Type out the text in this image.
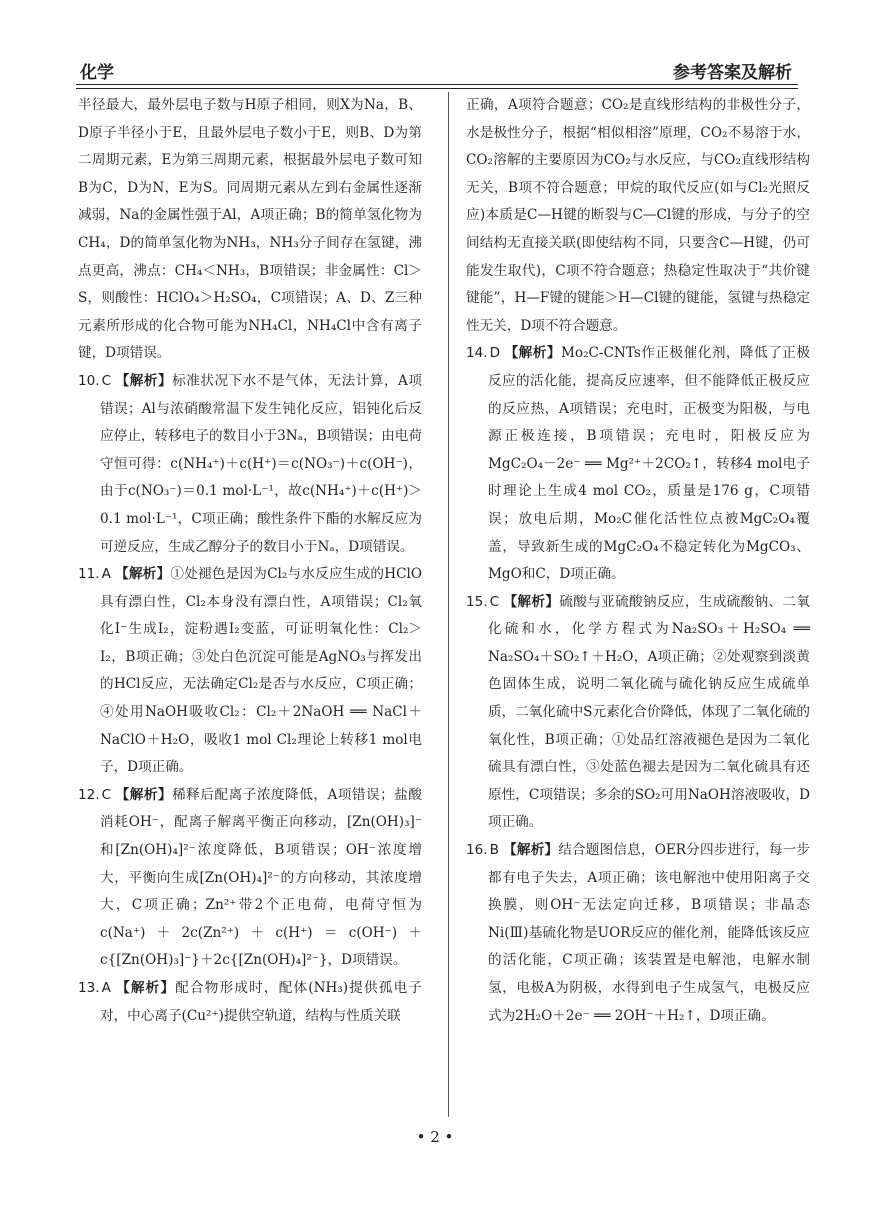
化学	参考答案及解析

半径最大，最外层电子数与H原子相同，则X为Na，B、D原子半径小于E，且最外层电子数小于E，则B、D为第二周期元素，E为第三周期元素，根据最外层电子数可知B为C，D为N，E为S。同周期元素从左到右金属性逐渐减弱，Na的金属性强于Al，A项正确；B的简单氢化物为CH₄，D的简单氢化物为NH₃，NH₃分子间存在氢键，沸点更高，沸点：CH₄＜NH₃，B项错误；非金属性：Cl＞S，则酸性：HClO₄＞H₂SO₄，C项错误；A、D、Z三种元素所形成的化合物可能为NH₄Cl，NH₄Cl中含有离子键，D项错误。

10. C 【解析】标准状况下水不是气体，无法计算，A项错误；Al与浓硝酸常温下发生钝化反应，铝钝化后反应停止，转移电子的数目小于3Nₐ，B项错误；由电荷守恒可得：c(NH₄⁺)＋c(H⁺)＝c(NO₃⁻)＋c(OH⁻)，由于c(NO₃⁻)＝0.1 mol·L⁻¹，故c(NH₄⁺)＋c(H⁺)＞0.1 mol·L⁻¹，C项正确；酸性条件下酯的水解反应为可逆反应，生成乙醇分子的数目小于Nₐ，D项错误。

11. A 【解析】①处褪色是因为Cl₂与水反应生成的HClO具有漂白性，Cl₂本身没有漂白性，A项错误；Cl₂氧化I⁻生成I₂，淀粉遇I₂变蓝，可证明氧化性：Cl₂＞I₂，B项正确；③处白色沉淀可能是AgNO₃与挥发出的HCl反应，无法确定Cl₂是否与水反应，C项正确；④处用NaOH吸收Cl₂：Cl₂＋2NaOH ══ NaCl＋NaClO＋H₂O，吸收1 mol Cl₂理论上转移1 mol电子，D项正确。

12. C 【解析】稀释后配离子浓度降低，A项错误；盐酸消耗OH⁻，配离子解离平衡正向移动，[Zn(OH)₃]⁻和[Zn(OH)₄]²⁻浓度降低，B项错误；OH⁻浓度增大，平衡向生成[Zn(OH)₄]²⁻的方向移动，其浓度增大，C项正确；Zn²⁺带2个正电荷，电荷守恒为c(Na⁺)＋2c(Zn²⁺)＋c(H⁺)＝c(OH⁻)＋c{[Zn(OH)₃]⁻}＋2c{[Zn(OH)₄]²⁻}，D项错误。

13. A 【解析】配合物形成时，配体(NH₃)提供孤电子对，中心离子(Cu²⁺)提供空轨道，结构与性质关联

正确，A项符合题意；CO₂是直线形结构的非极性分子，水是极性分子，根据“相似相溶”原理，CO₂不易溶于水，CO₂溶解的主要原因为CO₂与水反应，与CO₂直线形结构无关，B项不符合题意；甲烷的取代反应(如与Cl₂光照反应)本质是C—H键的断裂与C—Cl键的形成，与分子的空间结构无直接关联(即使结构不同，只要含C—H键，仍可能发生取代)，C项不符合题意；热稳定性取决于“共价键键能”，H—F键的键能＞H—Cl键的键能，氢键与热稳定性无关，D项不符合题意。

14. D 【解析】Mo₂C-CNTs作正极催化剂，降低了正极反应的活化能，提高反应速率，但不能降低正极反应的反应热，A项错误；充电时，正极变为阳极，与电源正极连接，B项错误；充电时，阳极反应为MgC₂O₄－2e⁻ ══ Mg²⁺＋2CO₂↑，转移4 mol电子时理论上生成4 mol CO₂，质量是176 g，C项错误；放电后期，Mo₂C催化活性位点被MgC₂O₄覆盖，导致新生成的MgC₂O₄不稳定转化为MgCO₃、MgO和C，D项正确。

15. C 【解析】硫酸与亚硫酸钠反应，生成硫酸钠、二氧化硫和水，化学方程式为Na₂SO₃＋H₂SO₄ ══ Na₂SO₄＋SO₂↑＋H₂O，A项正确；②处观察到淡黄色固体生成，说明二氧化硫与硫化钠反应生成硫单质，二氧化硫中S元素化合价降低，体现了二氧化硫的氧化性，B项正确；①处品红溶液褪色是因为二氧化硫具有漂白性，③处蓝色褪去是因为二氧化硫具有还原性，C项错误；多余的SO₂可用NaOH溶液吸收，D项正确。

16. B 【解析】结合题图信息，OER分四步进行，每一步都有电子失去，A项正确；该电解池中使用阳离子交换膜，则OH⁻无法定向迁移，B项错误；非晶态Ni(Ⅲ)基硫化物是UOR反应的催化剂，能降低该反应的活化能，C项正确；该装置是电解池，电解水制氢，电极A为阴极，水得到电子生成氢气，电极反应式为2H₂O＋2e⁻ ══ 2OH⁻＋H₂↑，D项正确。

• 2 •
